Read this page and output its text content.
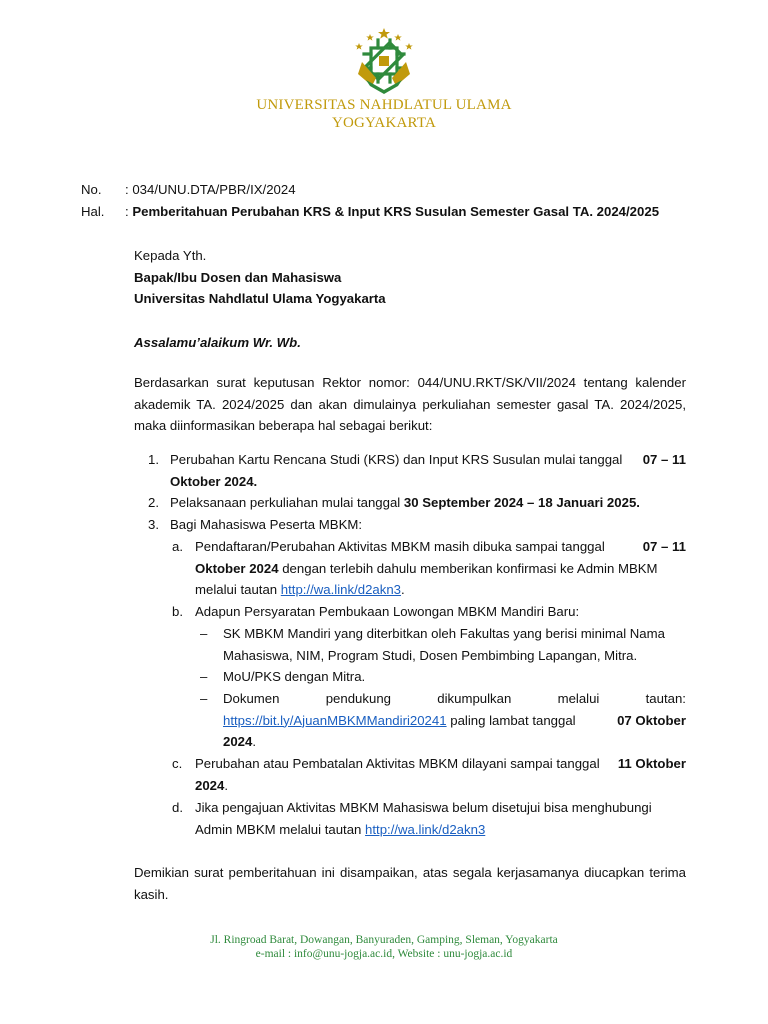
UNIVERSITAS NAHDLATUL ULAMA
YOGYAKARTA
No. : 034/UNU.DTA/PBR/IX/2024
Hal. : Pemberitahuan Perubahan KRS & Input KRS Susulan Semester Gasal TA. 2024/2025
Kepada Yth.
Bapak/Ibu Dosen dan Mahasiswa
Universitas Nahdlatul Ulama Yogyakarta
Assalamu’alaikum Wr. Wb.
Berdasarkan surat keputusan Rektor nomor: 044/UNU.RKT/SK/VII/2024 tentang kalender akademik TA. 2024/2025 dan akan dimulainya perkuliahan semester gasal TA. 2024/2025, maka diinformasikan beberapa hal sebagai berikut:
1. Perubahan Kartu Rencana Studi (KRS) dan Input KRS Susulan mulai tanggal 07 – 11
Oktober 2024.
2. Pelaksanaan perkuliahan mulai tanggal 30 September 2024 – 18 Januari 2025.
3. Bagi Mahasiswa Peserta MBKM:
a. Pendaftaran/Perubahan Aktivitas MBKM masih dibuka sampai tanggal	07 – 11
Oktober 2024 dengan terlebih dahulu memberikan konfirmasi ke Admin MBKM
melalui tautan http://wa.link/d2akn3.
b. Adapun Persyaratan Pembukaan Lowongan MBKM Mandiri Baru:
– SK MBKM Mandiri yang diterbitkan oleh Fakultas yang berisi minimal Nama
Mahasiswa, NIM, Program Studi, Dosen Pembimbing Lapangan, Mitra.
– MoU/PKS dengan Mitra.
– Dokumen	pendukung	dikumpulkan	melalui	tautan:
https://bit.ly/AjuanMBKMMandiri20241 paling lambat tanggal	07 Oktober
2024.
c. Perubahan atau Pembatalan Aktivitas MBKM dilayani sampai tanggal 11 Oktober
2024.
d. Jika pengajuan Aktivitas MBKM Mahasiswa belum disetujui bisa menghubungi
Admin MBKM melalui tautan http://wa.link/d2akn3
Demikian surat pemberitahuan ini disampaikan, atas segala kerjasamanya diucapkan terima kasih.
Jl. Ringroad Barat, Dowangan, Banyuraden, Gamping, Sleman, Yogyakarta
e-mail : info@unu-jogja.ac.id, Website : unu-jogja.ac.id
